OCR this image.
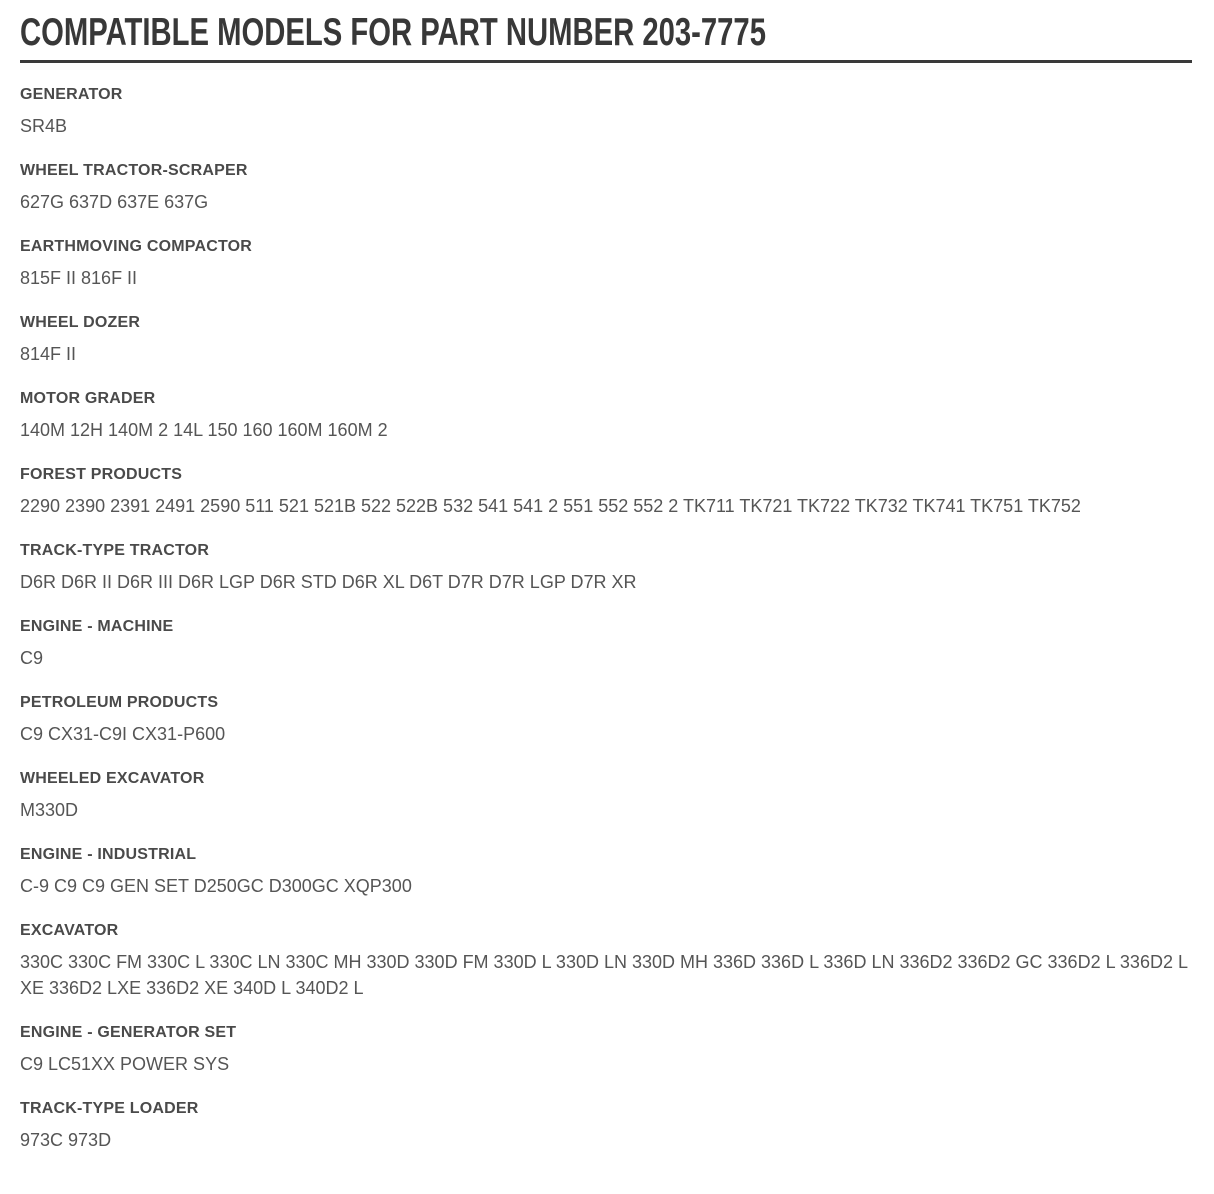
COMPATIBLE MODELS FOR PART NUMBER 203-7775
GENERATOR

SR4B

WHEEL TRACTOR-SCRAPER

627G 637D 637E 637G

EARTHMOVING COMPACTOR

815F II 816F II

WHEEL DOZER

814F II

MOTOR GRADER

140M 12H 140M 2 14L 150 160 160M 160M 2

FOREST PRODUCTS

2290 2390 2391 2491 2590 511 521 521B 522 522B 532 541 541 2 551 552 552 2 TK711 TK721 TK722 TK732 TK741 TK751 TK752

TRACK-TYPE TRACTOR

D6R D6R II D6R III D6R LGP D6R STD D6R XL D6T D7R D7R LGP D7R XR

ENGINE - MACHINE

C9

PETROLEUM PRODUCTS

C9 CX31-C9I CX31-P600

WHEELED EXCAVATOR

M330D

ENGINE - INDUSTRIAL

C-9 C9 C9 GEN SET D250GC D300GC XQP300

EXCAVATOR

330C 330C FM 330C L 330C LN 330C MH 330D 330D FM 330D L 330D LN 330D MH 336D 336D L 336D LN 336D2 336D2 GC 336D2 L 336D2 L XE 336D2 LXE 336D2 XE 340D L 340D2 L

ENGINE - GENERATOR SET

C9 LC51XX POWER SYS

TRACK-TYPE LOADER

973C 973D
